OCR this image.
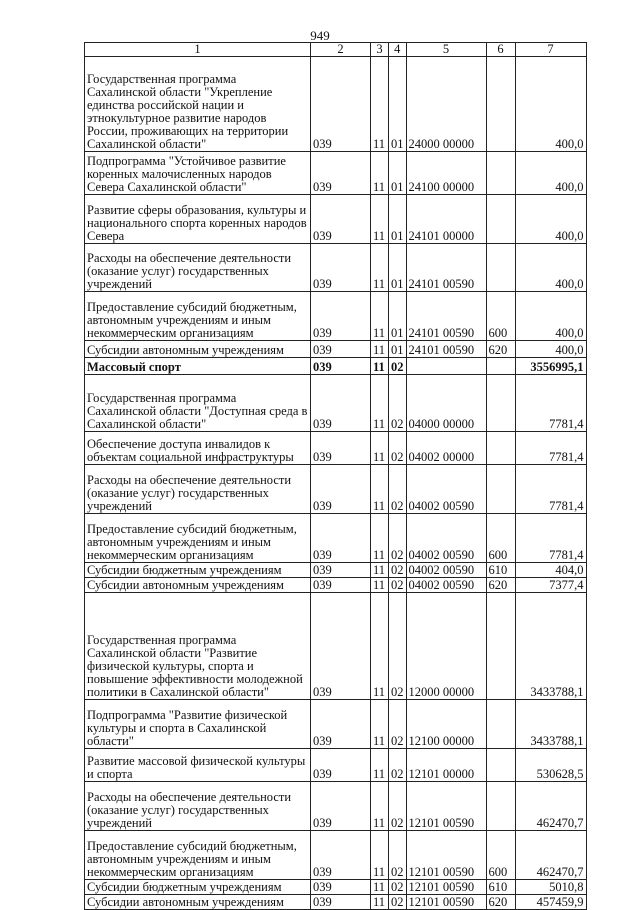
949
1	2	3	4	5	6	7
Государственная программа Сахалинской области "Укрепление единства российской нации и этнокультурное развитие народов России, проживающих на территории Сахалинской области"	039	11	01	24000 00000		400,0
Подпрограмма "Устойчивое развитие коренных малочисленных народов Севера Сахалинской области"	039	11	01	24100 00000		400,0
Развитие сферы образования, культуры и национального спорта коренных народов Севера	039	11	01	24101 00000		400,0
Расходы на обеспечение деятельности (оказание услуг) государственных учреждений	039	11	01	24101 00590		400,0
Предоставление субсидий бюджетным, автономным учреждениям и иным некоммерческим организациям	039	11	01	24101 00590	600	400,0
Субсидии автономным учреждениям	039	11	01	24101 00590	620	400,0
Массовый спорт	039	11	02			3556995,1
Государственная программа Сахалинской области "Доступная среда в Сахалинской области"	039	11	02	04000 00000		7781,4
Обеспечение доступа инвалидов к объектам социальной инфраструктуры	039	11	02	04002 00000		7781,4
Расходы на обеспечение деятельности (оказание услуг) государственных учреждений	039	11	02	04002 00590		7781,4
Предоставление субсидий бюджетным, автономным учреждениям и иным некоммерческим организациям	039	11	02	04002 00590	600	7781,4
Субсидии бюджетным учреждениям	039	11	02	04002 00590	610	404,0
Субсидии автономным учреждениям	039	11	02	04002 00590	620	7377,4
Государственная программа Сахалинской области "Развитие физической культуры, спорта и повышение эффективности молодежной политики в Сахалинской области"	039	11	02	12000 00000		3433788,1
Подпрограмма "Развитие физической культуры и спорта в Сахалинской области"	039	11	02	12100 00000		3433788,1
Развитие массовой физической культуры и спорта	039	11	02	12101 00000		530628,5
Расходы на обеспечение деятельности (оказание услуг) государственных учреждений	039	11	02	12101 00590		462470,7
Предоставление субсидий бюджетным, автономным учреждениям и иным некоммерческим организациям	039	11	02	12101 00590	600	462470,7
Субсидии бюджетным учреждениям	039	11	02	12101 00590	610	5010,8
Субсидии автономным учреждениям	039	11	02	12101 00590	620	457459,9
